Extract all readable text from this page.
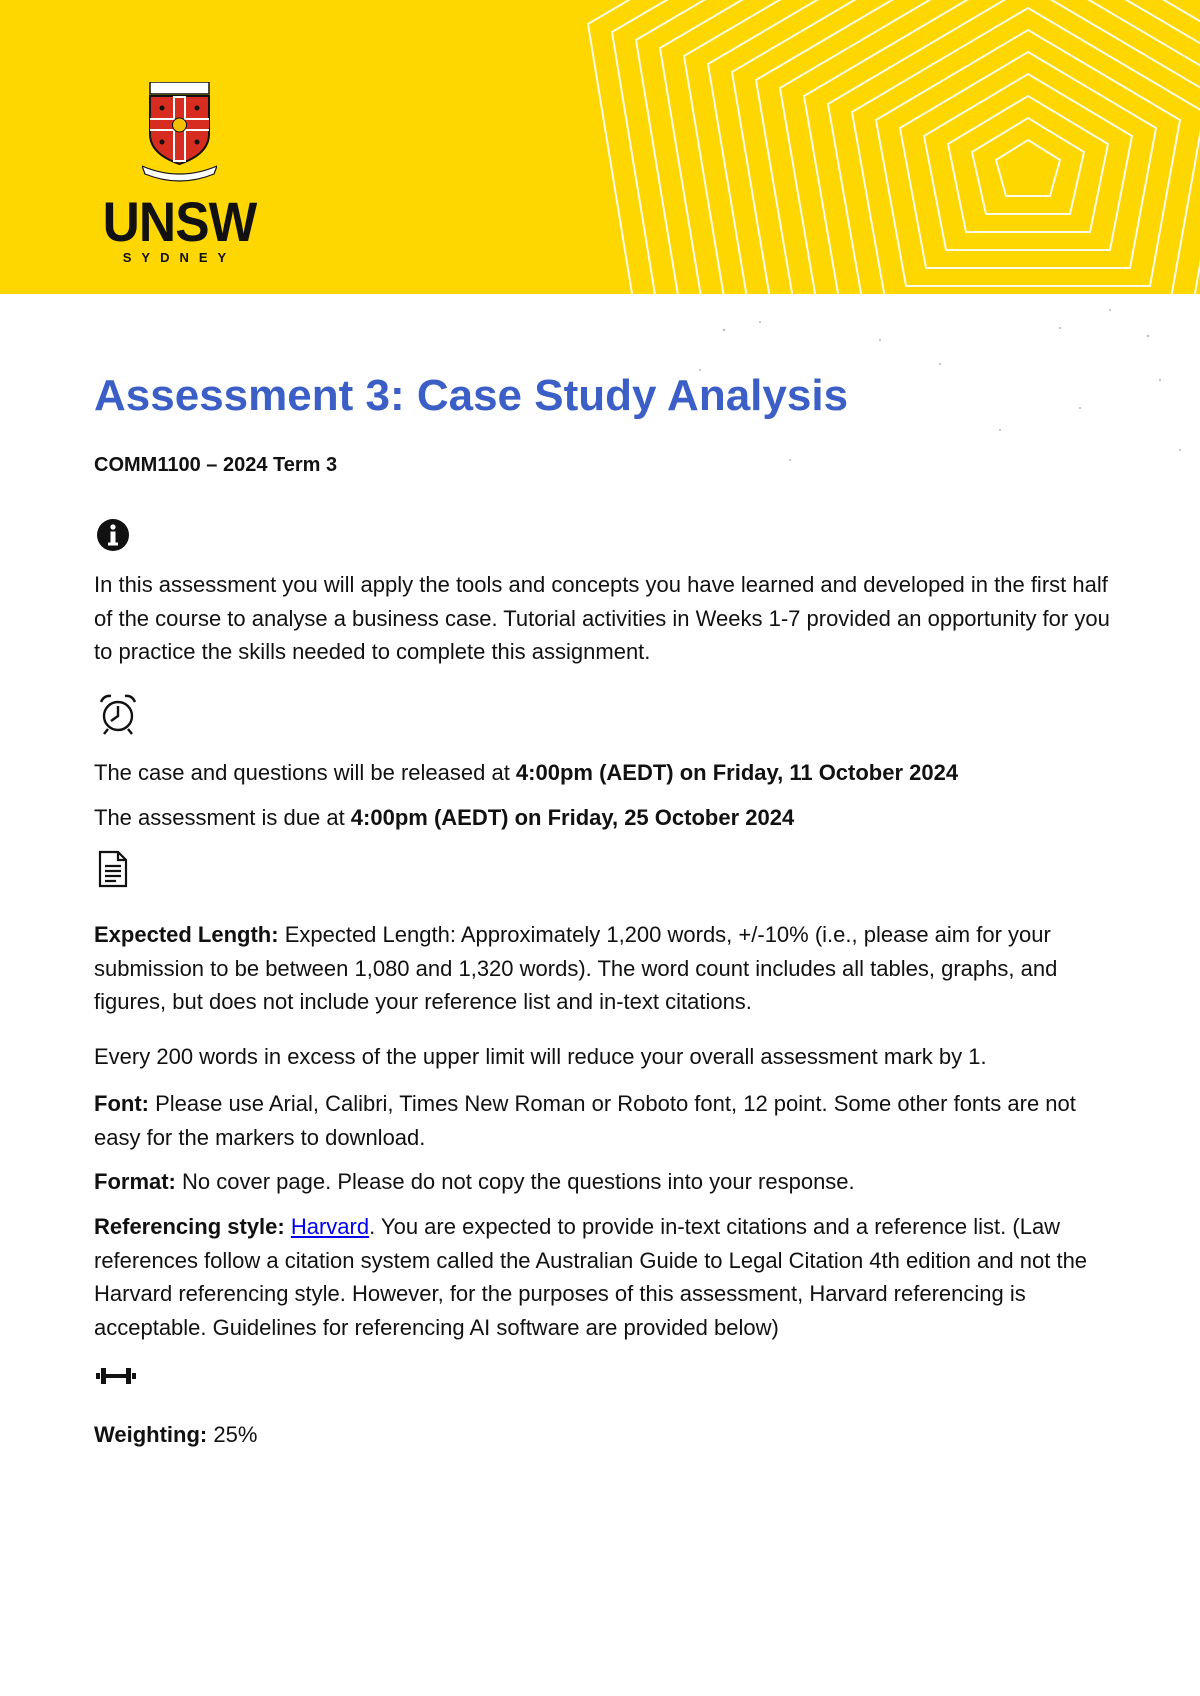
UNSW
SYDNEY
Assessment 3: Case Study Analysis

COMM1100 – 2024 Term 3

In this assessment you will apply the tools and concepts you have learned and developed in the first half of the course to analyse a business case. Tutorial activities in Weeks 1-7 provided an opportunity for you to practice the skills needed to complete this assignment.

The case and questions will be released at 4:00pm (AEDT) on Friday, 11 October 2024

The assessment is due at 4:00pm (AEDT) on Friday, 25 October 2024

Expected Length: Expected Length: Approximately 1,200 words, +/-10% (i.e., please aim for your submission to be between 1,080 and 1,320 words). The word count includes all tables, graphs, and figures, but does not include your reference list and in-text citations.

Every 200 words in excess of the upper limit will reduce your overall assessment mark by 1.

Font: Please use Arial, Calibri, Times New Roman or Roboto font, 12 point. Some other fonts are not easy for the markers to download.

Format: No cover page. Please do not copy the questions into your response.

Referencing style: Harvard. You are expected to provide in-text citations and a reference list. (Law references follow a citation system called the Australian Guide to Legal Citation 4th edition and not the Harvard referencing style. However, for the purposes of this assessment, Harvard referencing is acceptable. Guidelines for referencing AI software are provided below)

Weighting: 25%
